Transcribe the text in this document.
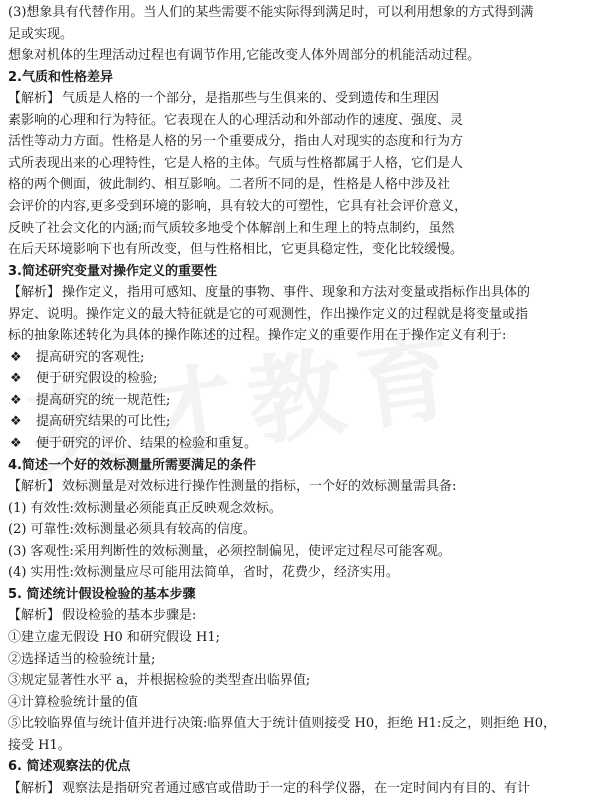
(3)想象具有代替作用。当人们的某些需要不能实际得到满足时，可以利用想象的方式得到满
足或实现。
想象对机体的生理活动过程也有调节作用,它能改变人体外周部分的机能活动过程。
2.气质和性格差异
【解析】 气质是人格的一个部分，是指那些与生俱来的、受到遗传和生理因
素影响的心理和行为特征。它表现在人的心理活动和外部动作的速度、强度、灵
活性等动力方面。性格是人格的另一个重要成分，指由人对现实的态度和行为方
式所表现出来的心理特性，它是人格的主体。气质与性格都属于人格，它们是人
格的两个侧面，彼此制约、相互影响。二者所不同的是，性格是人格中涉及社
会评价的内容,更多受到环境的影响，具有较大的可塑性，它具有社会评价意义，
反映了社会文化的内涵;而气质较多地受个体解剖上和生理上的特点制约，虽然
在后天环境影响下也有所改变，但与性格相比，它更具稳定性，变化比较缓慢。
3.简述研究变量对操作定义的重要性
【解析】 操作定义，指用可感知、度量的事物、事件、现象和方法对变量或指标作出具体的
界定、说明。操作定义的最大特征就是它的可观测性，作出操作定义的过程就是将变量或指
标的抽象陈述转化为具体的操作陈述的过程。操作定义的重要作用在于操作定义有利于:
❖ 提高研究的客观性;
❖ 便于研究假设的检验;
❖ 提高研究的统一规范性;
❖ 提高研究结果的可比性;
❖ 便于研究的评价、结果的检验和重复。
4.简述一个好的效标测量所需要满足的条件
【解析】 效标测量是对效标进行操作性测量的指标，一个好的效标测量需具备:
(1) 有效性:效标测量必须能真正反映观念效标。
(2) 可靠性:效标测量必须具有较高的信度。
(3) 客观性:采用判断性的效标测量，必须控制偏见，使评定过程尽可能客观。
(4) 实用性:效标测量应尽可能用法简单，省时，花费少，经济实用。
5. 简述统计假设检验的基本步骤
【解析】 假设检验的基本步骤是:
①建立虚无假设 H0 和研究假设 H1;
②选择适当的检验统计量;
③规定显著性水平 a，并根据检验的类型查出临界值;
④计算检验统计量的值
⑤比较临界值与统计值并进行决策:临界值大于统计值则接受 H0，拒绝 H1:反之，则拒绝 H0，
接受 H1。
6. 简述观察法的优点
【解析】 观察法是指研究者通过感官或借助于一定的科学仪器，在一定时间内有目的、有计
